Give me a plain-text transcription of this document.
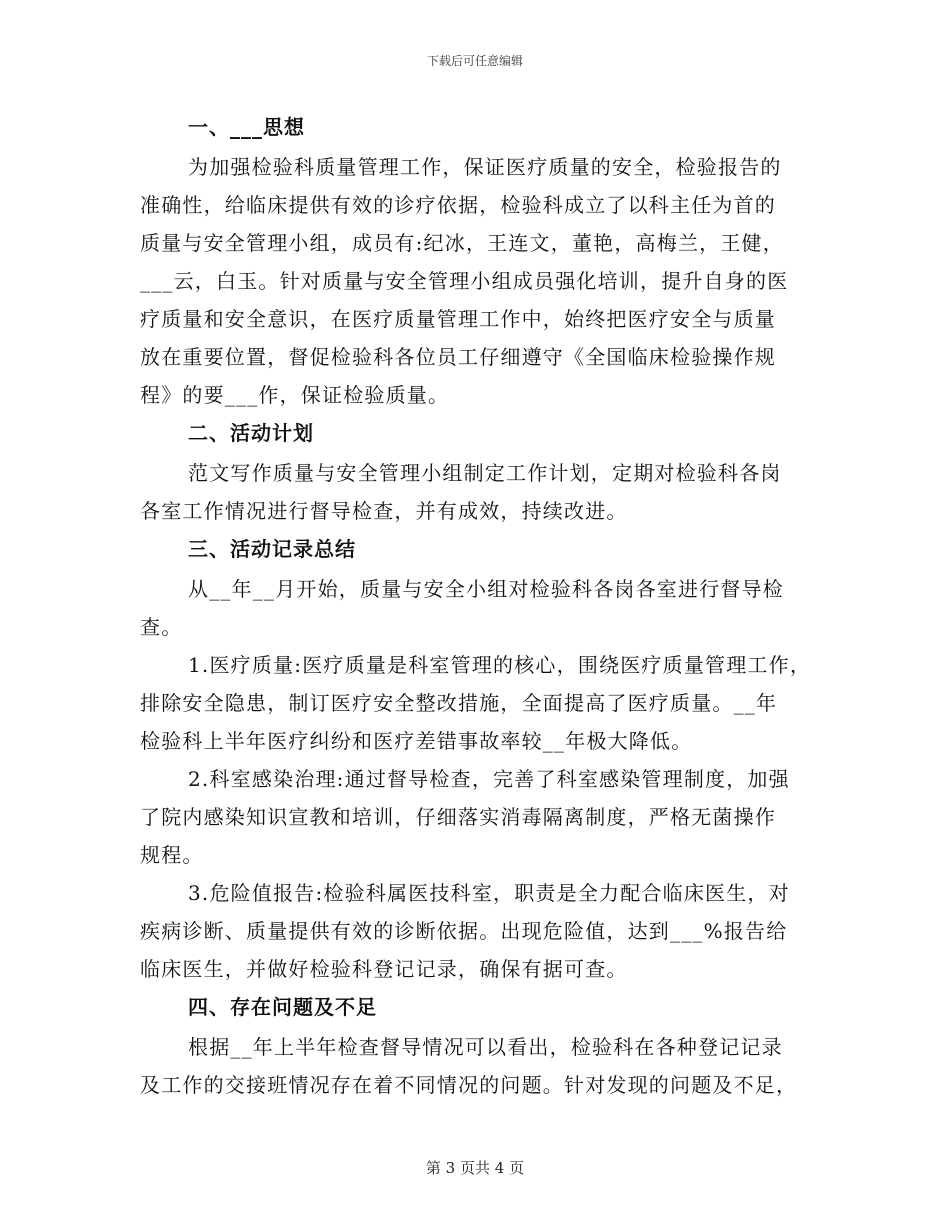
下载后可任意编辑
一、___思想
为加强检验科质量管理工作，保证医疗质量的安全，检验报告的
准确性，给临床提供有效的诊疗依据，检验科成立了以科主任为首的
质量与安全管理小组，成员有:纪冰，王连文，董艳，高梅兰，王健，
___云，白玉。针对质量与安全管理小组成员强化培训，提升自身的医
疗质量和安全意识，在医疗质量管理工作中，始终把医疗安全与质量
放在重要位置，督促检验科各位员工仔细遵守《全国临床检验操作规
程》的要___作，保证检验质量。
二、活动计划
范文写作质量与安全管理小组制定工作计划，定期对检验科各岗
各室工作情况进行督导检查，并有成效，持续改进。
三、活动记录总结
从__年__月开始，质量与安全小组对检验科各岗各室进行督导检
查。
1.医疗质量:医疗质量是科室管理的核心，围绕医疗质量管理工作，
排除安全隐患，制订医疗安全整改措施，全面提高了医疗质量。__年
检验科上半年医疗纠纷和医疗差错事故率较__年极大降低。
2.科室感染治理:通过督导检查，完善了科室感染管理制度，加强
了院内感染知识宣教和培训，仔细落实消毒隔离制度，严格无菌操作
规程。
3.危险值报告:检验科属医技科室，职责是全力配合临床医生，对
疾病诊断、质量提供有效的诊断依据。出现危险值，达到___%报告给
临床医生，并做好检验科登记记录，确保有据可查。
四、存在问题及不足
根据__年上半年检查督导情况可以看出，检验科在各种登记记录
及工作的交接班情况存在着不同情况的问题。针对发现的问题及不足，
第 3 页共 4 页
